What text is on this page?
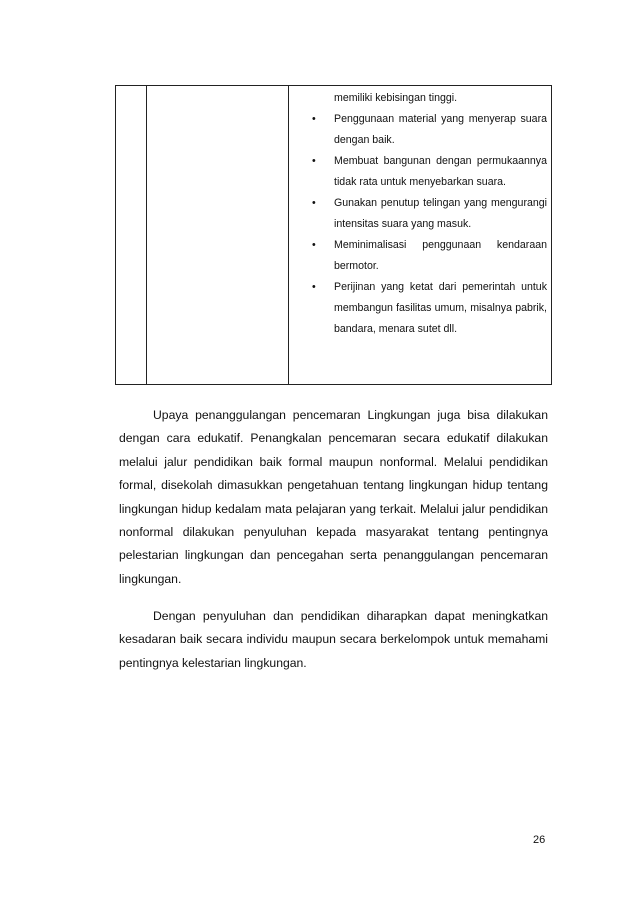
memiliki kebisingan tinggi.

• Penggunaan material yang menyerap suara dengan baik.
• Membuat bangunan dengan permukaannya tidak rata untuk menyebarkan suara.
• Gunakan penutup telingan yang mengurangi intensitas suara yang masuk.
• Meminimalisasi penggunaan kendaraan bermotor.
• Perijinan yang ketat dari pemerintah untuk membangun fasilitas umum, misalnya pabrik, bandara, menara sutet dll.

Upaya penanggulangan pencemaran Lingkungan juga bisa dilakukan dengan cara edukatif. Penangkalan pencemaran secara edukatif dilakukan melalui jalur pendidikan baik formal maupun nonformal. Melalui pendidikan formal, disekolah dimasukkan pengetahuan tentang lingkungan hidup tentang lingkungan hidup kedalam mata pelajaran yang terkait. Melalui jalur pendidikan nonformal dilakukan penyuluhan kepada masyarakat tentang pentingnya pelestarian lingkungan dan pencegahan serta penanggulangan pencemaran lingkungan.

Dengan penyuluhan dan pendidikan diharapkan dapat meningkatkan kesadaran baik secara individu maupun secara berkelompok untuk memahami pentingnya kelestarian lingkungan.

26
